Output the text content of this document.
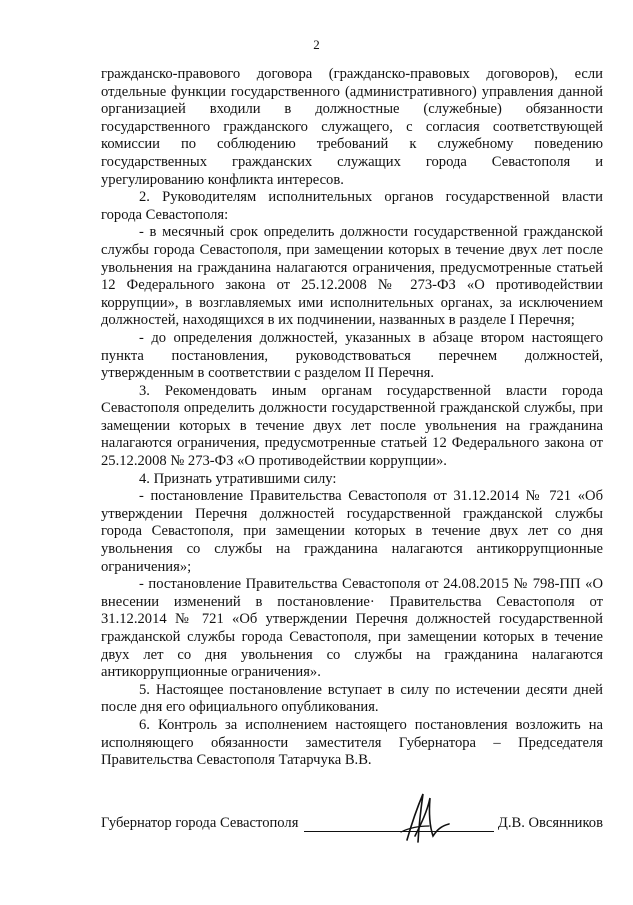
2

гражданско-правового договора (гражданско-правовых договоров), если отдельные функции государственного (административного) управления данной организацией входили в должностные (служебные) обязанности государственного гражданского служащего, с согласия соответствующей комиссии по соблюдению требований к служебному поведению государственных гражданских служащих города Севастополя и урегулированию конфликта интересов.

2. Руководителям исполнительных органов государственной власти города Севастополя:

- в месячный срок определить должности государственной гражданской службы города Севастополя, при замещении которых в течение двух лет после увольнения на гражданина налагаются ограничения, предусмотренные статьей 12 Федерального закона от 25.12.2008 № 273-ФЗ «О противодействии коррупции», в возглавляемых ими исполнительных органах, за исключением должностей, находящихся в их подчинении, названных в разделе I Перечня;

- до определения должностей, указанных в абзаце втором настоящего пункта постановления, руководствоваться перечнем должностей, утвержденным в соответствии с разделом II Перечня.

3. Рекомендовать иным органам государственной власти города Севастополя определить должности государственной гражданской службы, при замещении которых в течение двух лет после увольнения на гражданина налагаются ограничения, предусмотренные статьей 12 Федерального закона от 25.12.2008 № 273-ФЗ «О противодействии коррупции».

4. Признать утратившими силу:

- постановление Правительства Севастополя от 31.12.2014 № 721 «Об утверждении Перечня должностей государственной гражданской службы города Севастополя, при замещении которых в течение двух лет со дня увольнения со службы на гражданина налагаются антикоррупционные ограничения»;

- постановление Правительства Севастополя от 24.08.2015 № 798-ПП «О внесении изменений в постановление· Правительства Севастополя от 31.12.2014 № 721 «Об утверждении Перечня должностей государственной гражданской службы города Севастополя, при замещении которых в течение двух лет со дня увольнения со службы на гражданина налагаются антикоррупционные ограничения».

5. Настоящее постановление вступает в силу по истечении десяти дней после дня его официального опубликования.

6. Контроль за исполнением настоящего постановления возложить на исполняющего обязанности заместителя Губернатора – Председателя Правительства Севастополя Татарчука В.В.

Губернатор города Севастополя	Д.В. Овсянников
